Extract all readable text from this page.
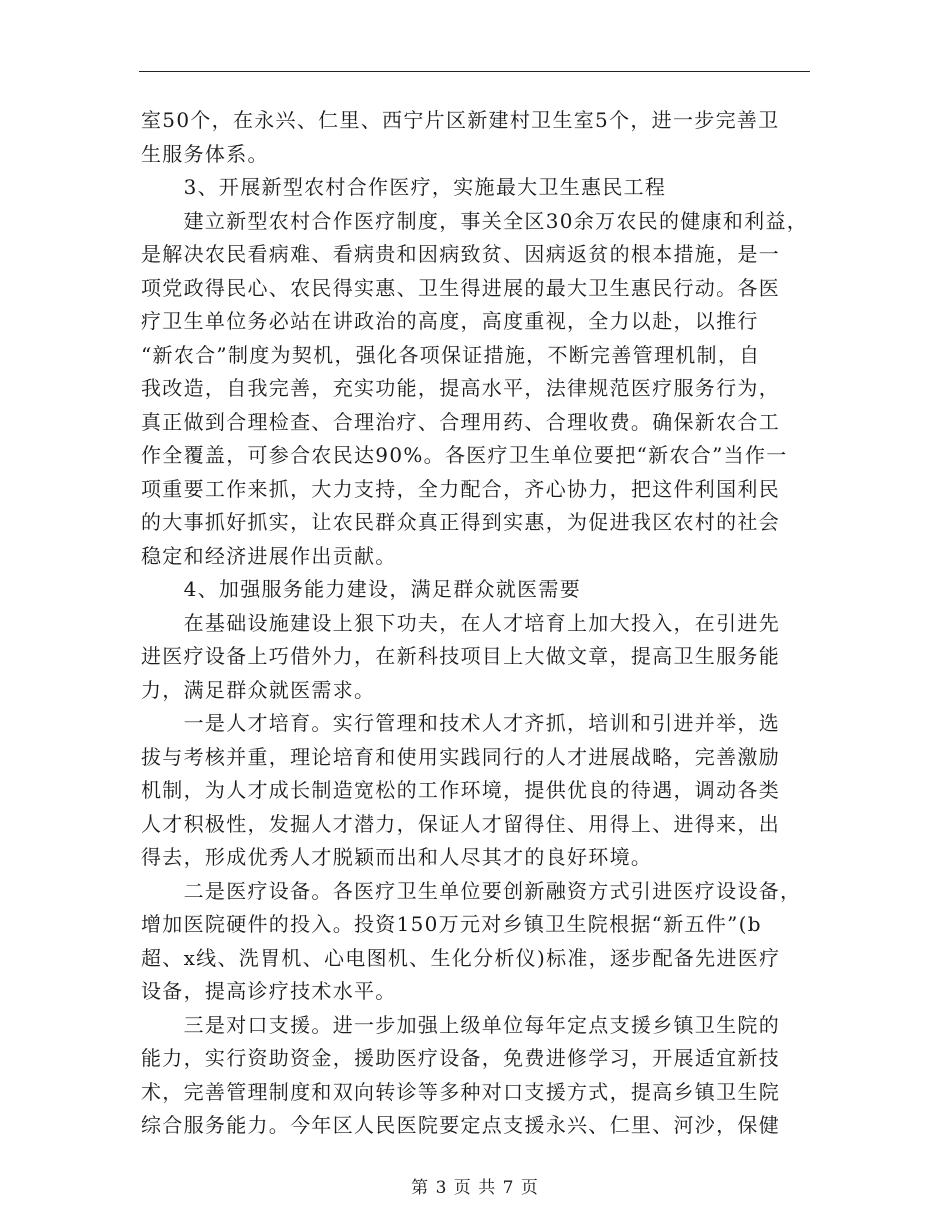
室50个，在永兴、仁里、西宁片区新建村卫生室5个，进一步完善卫
生服务体系。
　　3、开展新型农村合作医疗，实施最大卫生惠民工程
　　建立新型农村合作医疗制度，事关全区30余万农民的健康和利益，
是解决农民看病难、看病贵和因病致贫、因病返贫的根本措施，是一
项党政得民心、农民得实惠、卫生得进展的最大卫生惠民行动。各医
疗卫生单位务必站在讲政治的高度，高度重视，全力以赴，以推行
“新农合”制度为契机，强化各项保证措施，不断完善管理机制，自
我改造，自我完善，充实功能，提高水平，法律规范医疗服务行为，
真正做到合理检查、合理治疗、合理用药、合理收费。确保新农合工
作全覆盖，可参合农民达90%。各医疗卫生单位要把“新农合”当作一
项重要工作来抓，大力支持，全力配合，齐心协力，把这件利国利民
的大事抓好抓实，让农民群众真正得到实惠，为促进我区农村的社会
稳定和经济进展作出贡献。
　　4、加强服务能力建设，满足群众就医需要
　　在基础设施建设上狠下功夫，在人才培育上加大投入，在引进先
进医疗设备上巧借外力，在新科技项目上大做文章，提高卫生服务能
力，满足群众就医需求。
　　一是人才培育。实行管理和技术人才齐抓，培训和引进并举，选
拔与考核并重，理论培育和使用实践同行的人才进展战略，完善激励
机制，为人才成长制造宽松的工作环境，提供优良的待遇，调动各类
人才积极性，发掘人才潜力，保证人才留得住、用得上、进得来，出
得去，形成优秀人才脱颖而出和人尽其才的良好环境。
　　二是医疗设备。各医疗卫生单位要创新融资方式引进医疗设设备，
增加医院硬件的投入。投资150万元对乡镇卫生院根据“新五件”(b
超、x线、洗胃机、心电图机、生化分析仪)标准，逐步配备先进医疗
设备，提高诊疗技术水平。
　　三是对口支援。进一步加强上级单位每年定点支援乡镇卫生院的
能力，实行资助资金，援助医疗设备，免费进修学习，开展适宜新技
术，完善管理制度和双向转诊等多种对口支援方式，提高乡镇卫生院
综合服务能力。今年区人民医院要定点支援永兴、仁里、河沙，保健
第 3 页 共 7 页
